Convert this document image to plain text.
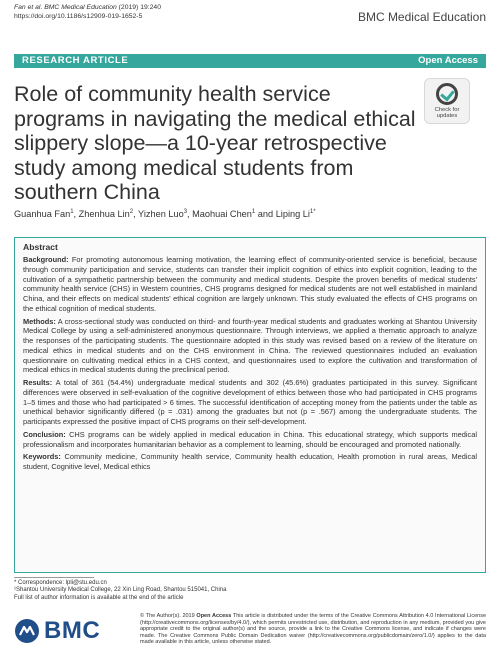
Fan et al. BMC Medical Education (2019) 19:240
https://doi.org/10.1186/s12909-019-1652-5	BMC Medical Education
RESEARCH ARTICLE	Open Access
Role of community health service programs in navigating the medical ethical slippery slope—a 10-year retrospective study among medical students from southern China
Check for
updates
Guanhua Fan$^1$, Zhenhua Lin$^2$, Yizhen Luo$^3$, Maohuai Chen$^1$ and Liping $Li^{1*}$
Abstract

Background: For promoting autonomous learning motivation, the learning effect of community-oriented service is beneficial, because through community participation and service, students can transfer their implicit cognition of ethics into explicit cognition, leading to the cultivation of a sympathetic partnership between the community and medical students. Despite the proven benefits of medical students' community health service (CHS) in Western countries, CHS programs designed for medical students are not well established in mainland China, and their effects on medical students' ethical cognition are largely unknown. This study evaluated the effects of CHS programs on the ethical cognition of medical students.

Methods: A cross-sectional study was conducted on third- and fourth-year medical students and graduates working at Shantou University Medical College by using a self-administered anonymous questionnaire. Through interviews, we applied a thematic approach to analyze the responses of the participating students. The questionnaire adopted in this study was revised based on a review of the literature on medical ethics in medical students and on the CHS environment in China. The reviewed questionnaires included an evaluation questionnaire on cultivating medical ethics in a CHS context, and questionnaires used to explore the cultivation and transformation of medical ethics in medical students during the preclinical period.

Results: A total of 361 (54.4%) undergraduate medical students and 302 (45.6%) graduates participated in this survey. Significant differences were observed in self-evaluation of the cognitive development of ethics between those who had participated in CHS programs 1–5 times and those who had participated > 6 times. The successful identification of accepting money from the patients under the table as unethical behavior significantly differed (p = .031) among the graduates but not (p = .567) among the undergraduate students. The participants expressed the positive impact of CHS programs on their self-development.

Conclusion: CHS programs can be widely applied in medical education in China. This educational strategy, which supports medical professionalism and incorporates humanitarian behavior as a complement to learning, should be encouraged and promoted nationally.

Keywords: Community medicine, Community health service, Community health education, Health promotion in rural areas, Medical student, Cognitive level, Medical ethics

* Correspondence: lpli@stu.edu.cn
¹Shantou University Medical College, 22 Xin Ling Road, Shantou 515041, China
Full list of author information is available at the end of the article
BMC
© The Author(s). 2019 Open Access This article is distributed under the terms of the Creative Commons Attribution 4.0 International License (http://creativecommons.org/licenses/by/4.0/), which permits unrestricted use, distribution, and reproduction in any medium, provided you give appropriate credit to the original author(s) and the source, provide a link to the Creative Commons license, and indicate if changes were made. The Creative Commons Public Domain Dedication waiver (http://creativecommons.org/publicdomain/zero/1.0/) applies to the data made available in this article, unless otherwise stated.
